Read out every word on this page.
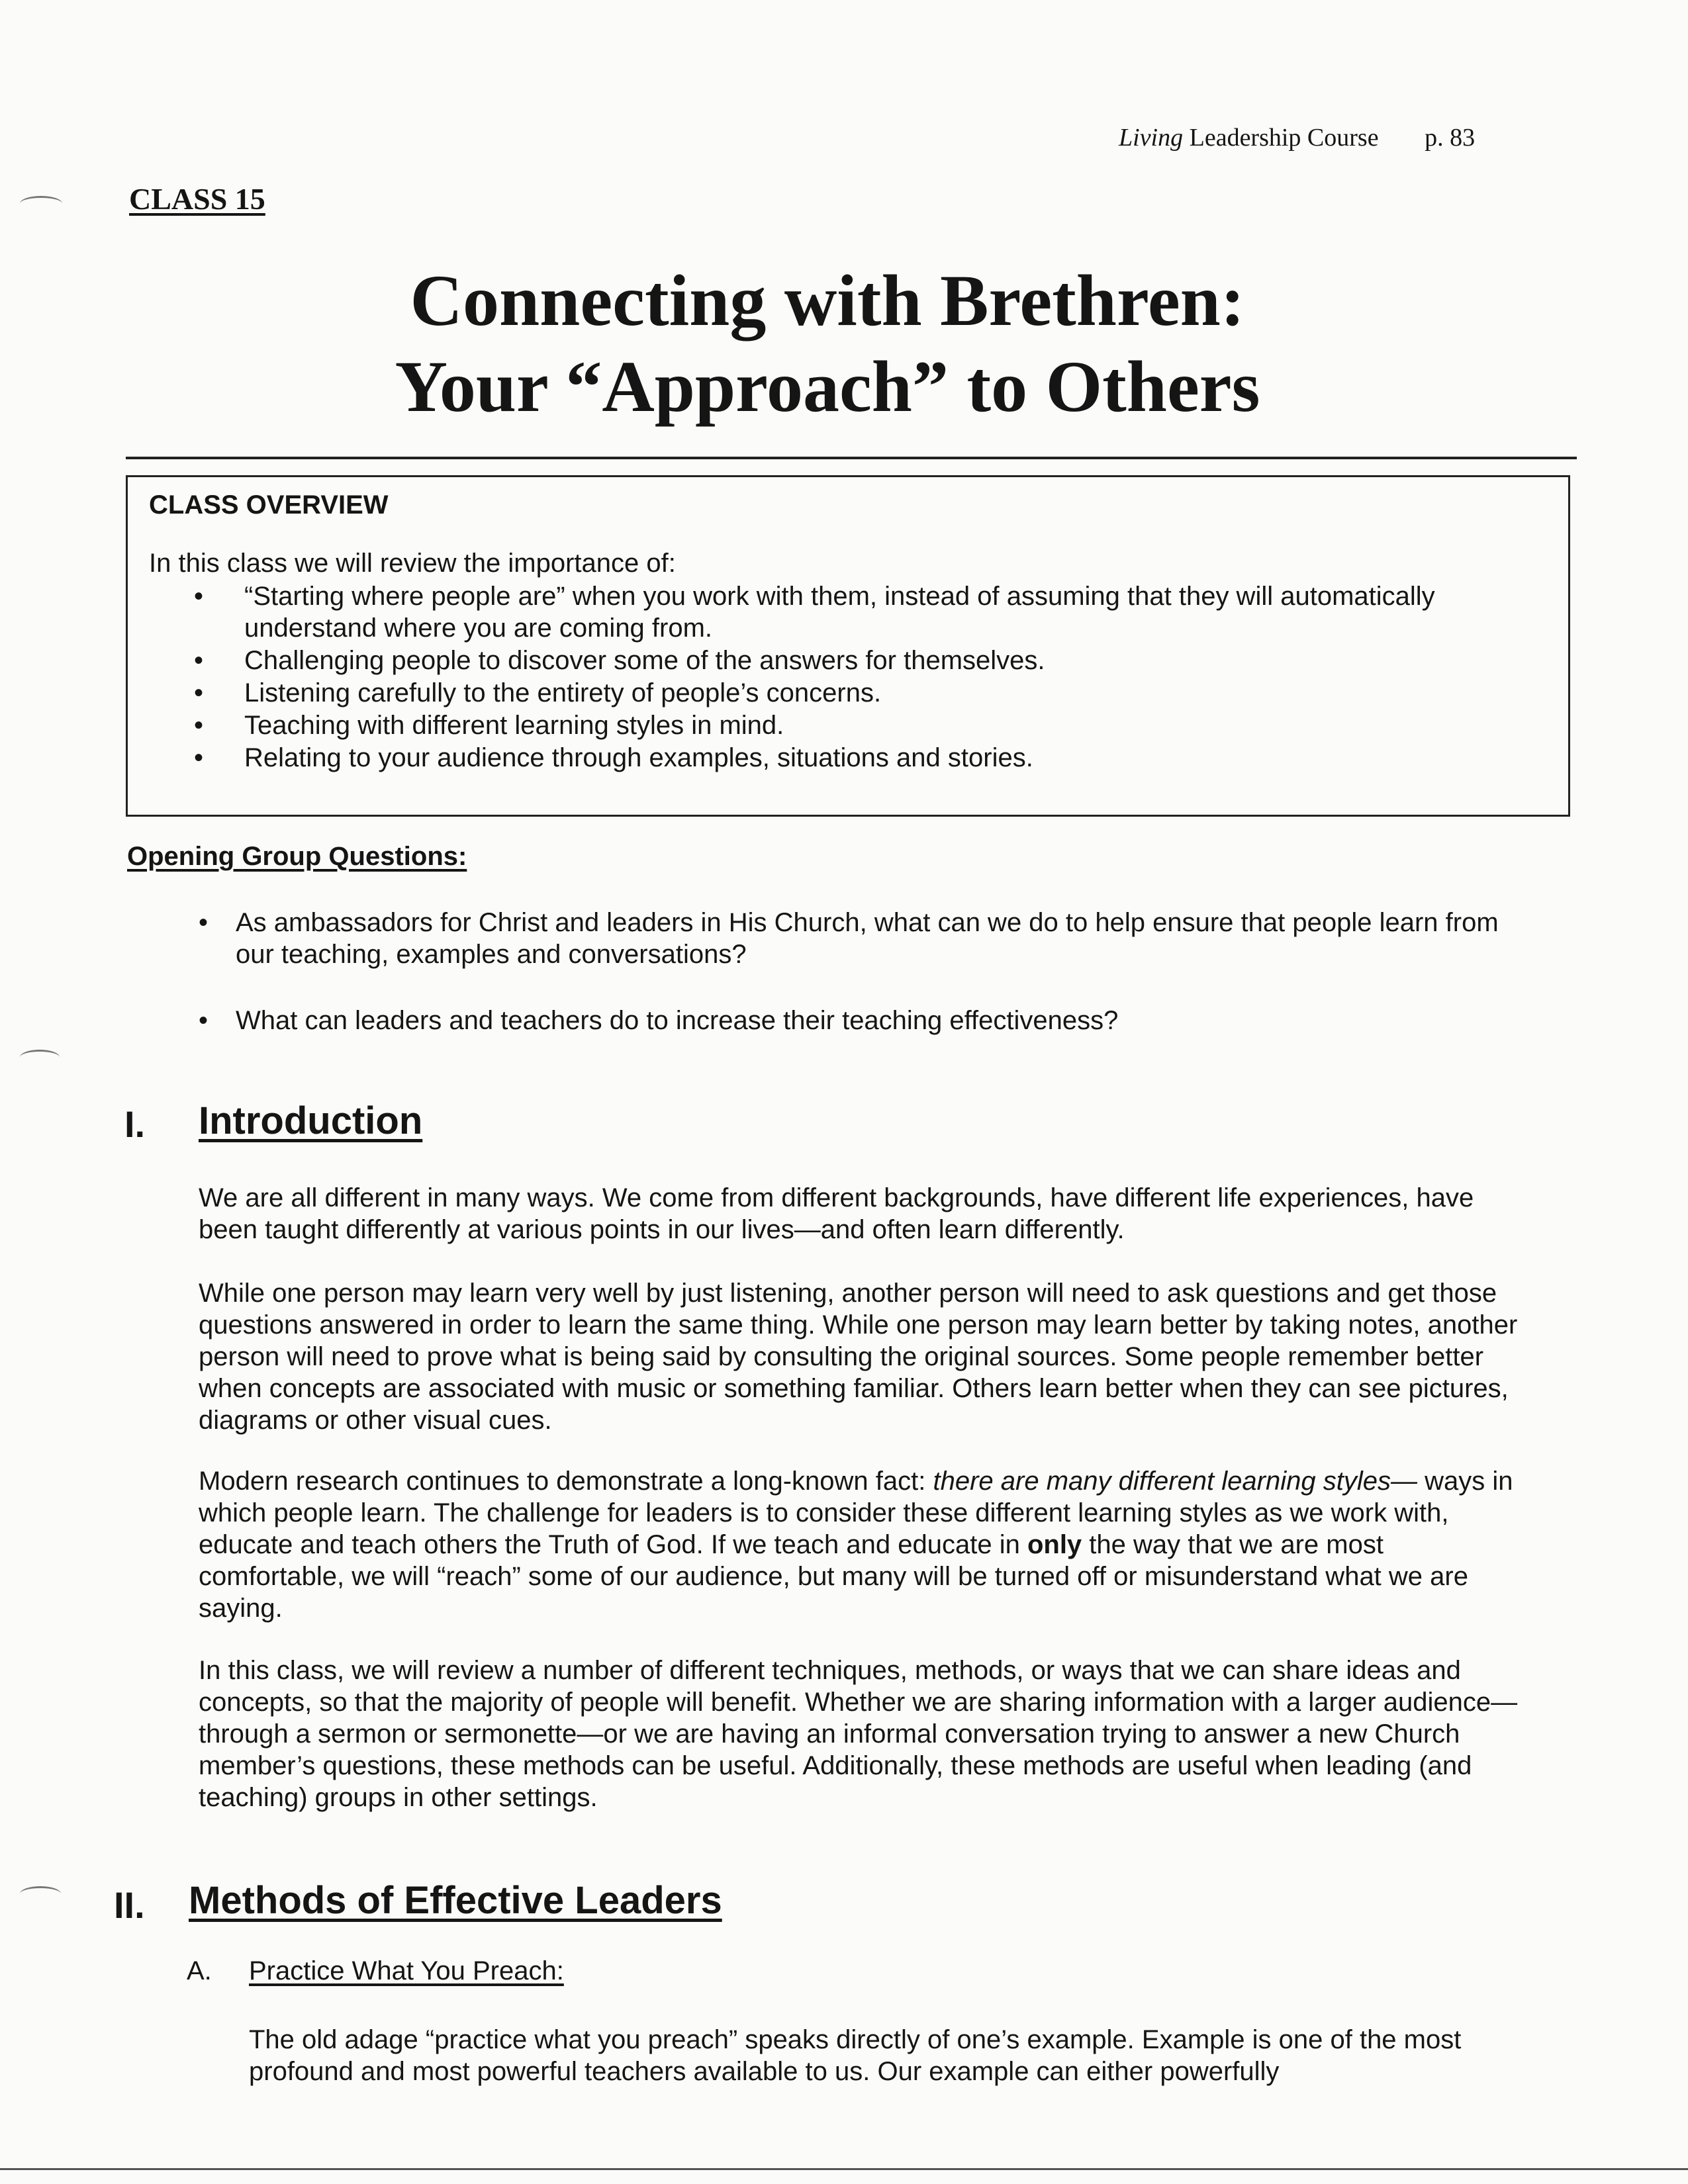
Living Leadership Course p. 83
CLASS 15
Connecting with Brethren:
Your “Approach” to Others
CLASS OVERVIEW
In this class we will review the importance of:
• “Starting where people are” when you work with them, instead of assuming that they will automatically understand where you are coming from.
• Challenging people to discover some of the answers for themselves.
• Listening carefully to the entirety of people’s concerns.
• Teaching with different learning styles in mind.
• Relating to your audience through examples, situations and stories.
Opening Group Questions:
• As ambassadors for Christ and leaders in His Church, what can we do to help ensure that people learn from our teaching, examples and conversations?
• What can leaders and teachers do to increase their teaching effectiveness?
I. Introduction
We are all different in many ways. We come from different backgrounds, have different life experiences, have been taught differently at various points in our lives—and often learn differently.
While one person may learn very well by just listening, another person will need to ask questions and get those questions answered in order to learn the same thing. While one person may learn better by taking notes, another person will need to prove what is being said by consulting the original sources. Some people remember better when concepts are associated with music or something familiar. Others learn better when they can see pictures, diagrams or other visual cues.
Modern research continues to demonstrate a long-known fact: there are many different learning styles— ways in which people learn. The challenge for leaders is to consider these different learning styles as we work with, educate and teach others the Truth of God. If we teach and educate in only the way that we are most comfortable, we will “reach” some of our audience, but many will be turned off or misunderstand what we are saying.
In this class, we will review a number of different techniques, methods, or ways that we can share ideas and concepts, so that the majority of people will benefit. Whether we are sharing information with a larger audience—through a sermon or sermonette—or we are having an informal conversation trying to answer a new Church member’s questions, these methods can be useful. Additionally, these methods are useful when leading (and teaching) groups in other settings.
II. Methods of Effective Leaders
A. Practice What You Preach:
The old adage “practice what you preach” speaks directly of one’s example. Example is one of the most profound and most powerful teachers available to us. Our example can either powerfully
